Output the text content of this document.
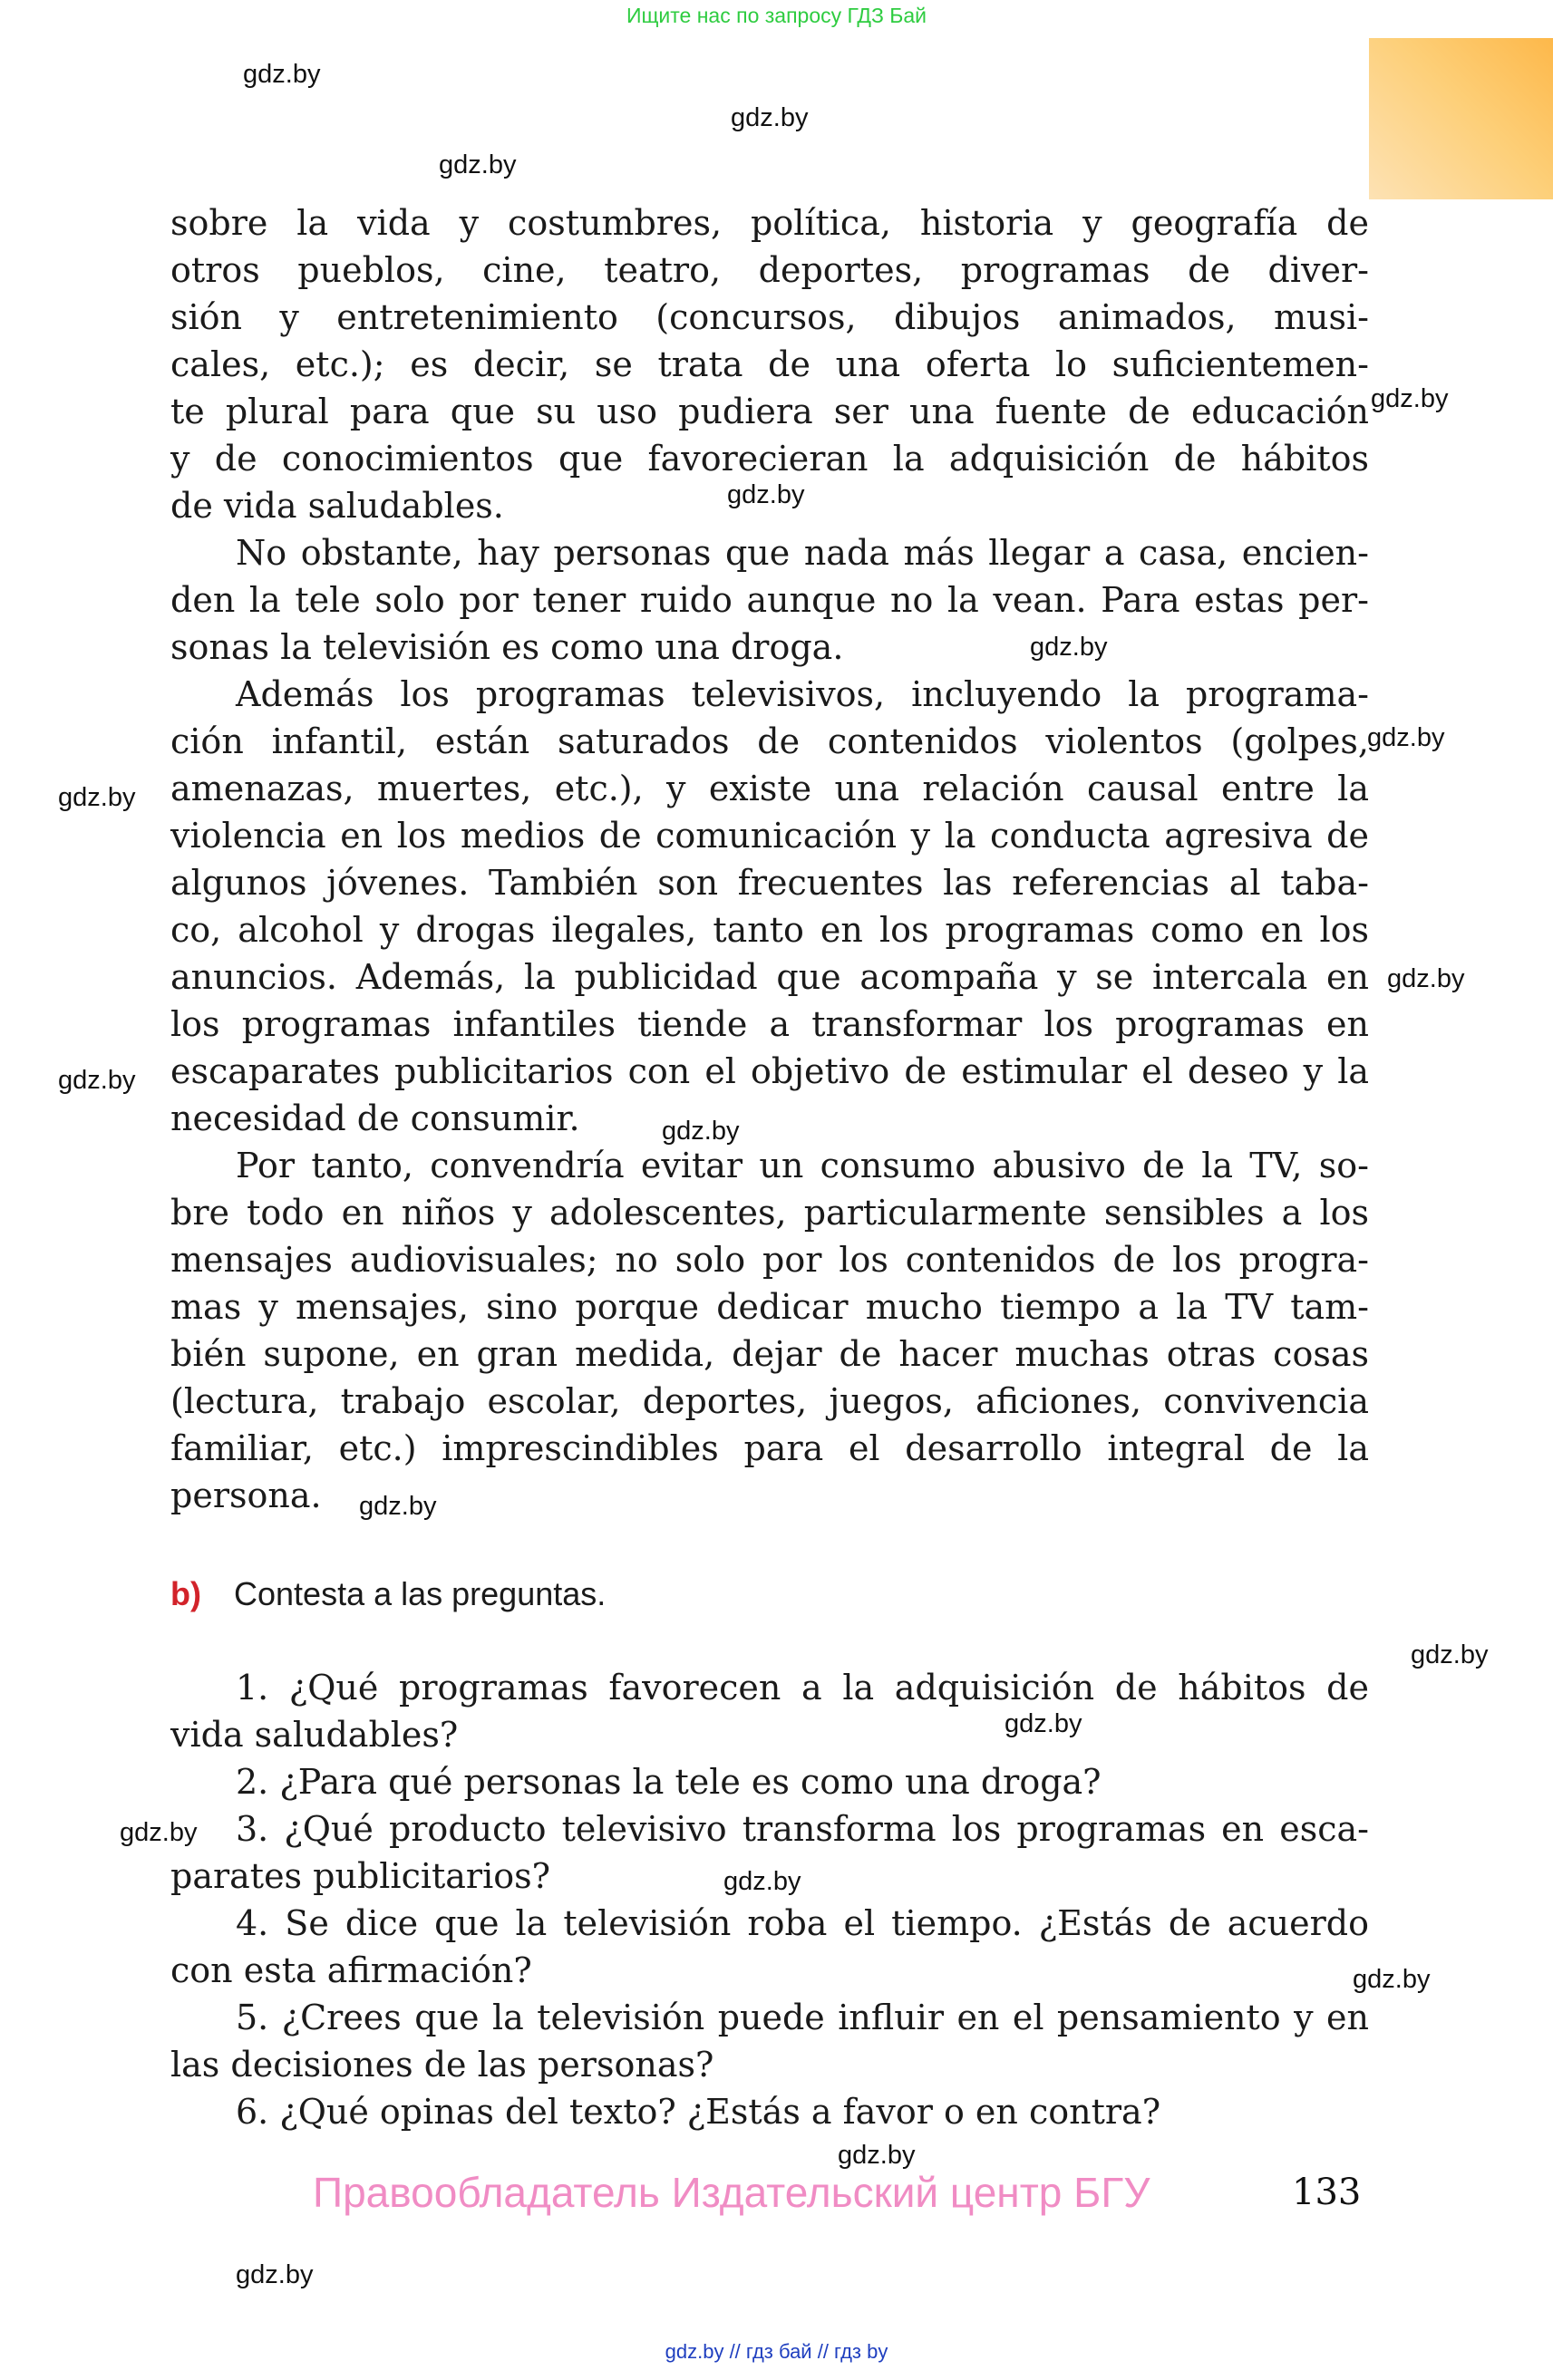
Ищите нас по запросу ГДЗ Бай
gdz.by
gdz.by
gdz.by
gdz.by
gdz.by
gdz.by
gdz.by
gdz.by
gdz.by
gdz.by
gdz.by
gdz.by
gdz.by
gdz.by
gdz.by
gdz.by
gdz.by
gdz.by
gdz.by
sobre la vida y costumbres, política, historia y geografía de
otros pueblos, cine, teatro, deportes, programas de diver-
sión y entretenimiento (concursos, dibujos animados, musi-
cales, etc.); es decir, se trata de una oferta lo suficientemen-
te plural para que su uso pudiera ser una fuente de educación
y de conocimientos que favorecieran la adquisición de hábitos
de vida saludables.
No obstante, hay personas que nada más llegar a casa, encien-
den la tele solo por tener ruido aunque no la vean. Para estas per-
sonas la televisión es como una droga.
Además los programas televisivos, incluyendo la programa-
ción infantil, están saturados de contenidos violentos (golpes,
amenazas, muertes, etc.), y existe una relación causal entre la
violencia en los medios de comunicación y la conducta agresiva de
algunos jóvenes. También son frecuentes las referencias al taba-
co, alcohol y drogas ilegales, tanto en los programas como en los
anuncios. Además, la publicidad que acompaña y se intercala en
los programas infantiles tiende a transformar los programas en
escaparates publicitarios con el objetivo de estimular el deseo y la
necesidad de consumir.
Por tanto, convendría evitar un consumo abusivo de la TV, so-
bre todo en niños y adolescentes, particularmente sensibles a los
mensajes audiovisuales; no solo por los contenidos de los progra-
mas y mensajes, sino porque dedicar mucho tiempo a la TV tam-
bién supone, en gran medida, dejar de hacer muchas otras cosas
(lectura, trabajo escolar, deportes, juegos, aficiones, convivencia
familiar, etc.) imprescindibles para el desarrollo integral de la
persona.
b) Contesta a las preguntas.
1. ¿Qué programas favorecen a la adquisición de hábitos de
vida saludables?
2. ¿Para qué personas la tele es como una droga?
3. ¿Qué producto televisivo transforma los programas en esca-
parates publicitarios?
4. Se dice que la televisión roba el tiempo. ¿Estás de acuerdo
con esta afirmación?
5. ¿Crees que la televisión puede influir en el pensamiento y en
las decisiones de las personas?
6. ¿Qué opinas del texto? ¿Estás a favor o en contra?
Правообладатель Издательский центр БГУ	133
gdz.by // гдз бай // гдз by
